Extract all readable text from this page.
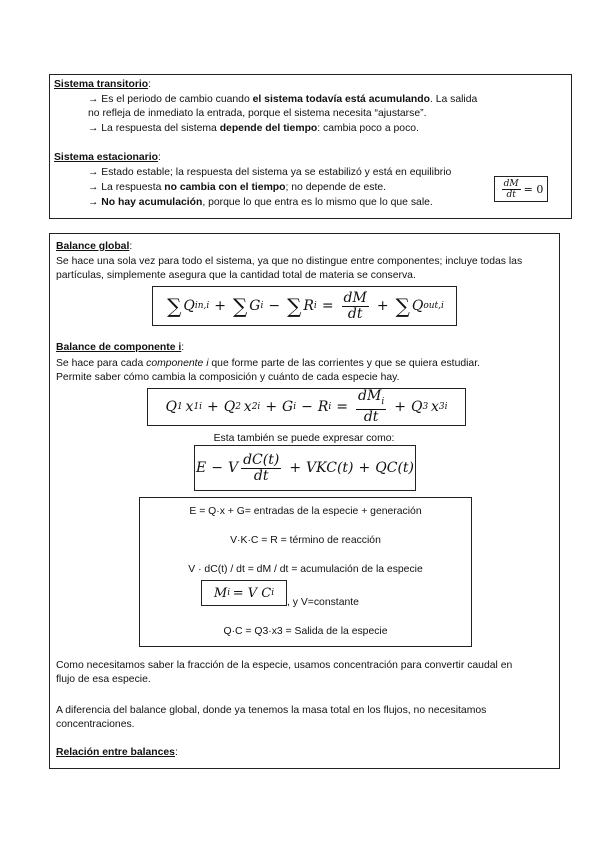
Sistema transitorio:
→ Es el periodo de cambio cuando el sistema todavía está acumulando. La salida
no refleja de inmediato la entrada, porque el sistema necesita “ajustarse”.
→ La respuesta del sistema depende del tiempo: cambia poco a poco.
Sistema estacionario:
→ Estado estable; la respuesta del sistema ya se estabilizó y está en equilibrio
→ La respuesta no cambia con el tiempo; no depende de este.
→ No hay acumulación, porque lo que entra es lo mismo que lo que sale.
$\frac{dM}{dt} = 0$
Balance global:
Se hace una sola vez para todo el sistema, ya que no distingue entre componentes; incluye todas las
partículas, simplemente asegura que la cantidad total de materia se conserva.
∑ Q in,i + ∑ G i − ∑ R $i = \frac{dM}{dt}$ + ∑ Q out,i
Balance de componente i:
Se hace para cada componente i que forme parte de las corrientes y que se quiera estudiar.
Permite saber cómo cambia la composición y cuánto de cada especie hay.
Q 1
  x 1i + Q 2
  x 2i + G i − R $i = \frac{dM_i}{dt} + Q$ 3
  x 3i
Esta también se puede expresar como:
E − V $\frac{dC(t)}{dt} + VKC(t) + QC(t)$
E = Q·x + G= entradas de la especie + generación
V·K·C = R = término de reacción
V · dC(t) / dt = dM / dt = acumulación de la especie
M i
  = V C i
, y V=constante
Q·C = Q3·x3 = Salida de la especie
Como necesitamos saber la fracción de la especie, usamos concentración para convertir caudal en
flujo de esa especie.
A diferencia del balance global, donde ya tenemos la masa total en los flujos, no necesitamos
concentraciones.
Relación entre balances:
